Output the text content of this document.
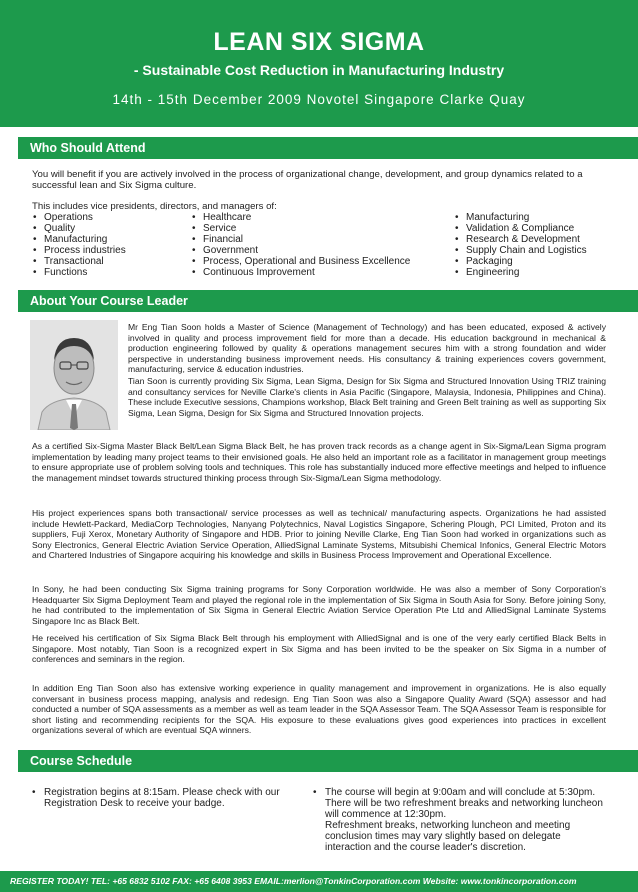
LEAN SIX SIGMA
- Sustainable Cost Reduction in Manufacturing Industry
14th - 15th December 2009 Novotel Singapore Clarke Quay
Who Should Attend
You will benefit if you are actively involved in the process of organizational change, development, and group dynamics related to a successful lean and Six Sigma culture.
This includes vice presidents, directors, and managers of:
• Operations
• Quality
• Manufacturing
• Process industries
• Transactional
• Functions
• Healthcare
• Service
• Financial
• Government
• Process, Operational and Business Excellence
• Continuous Improvement
• Manufacturing
• Validation & Compliance
• Research & Development
• Supply Chain and Logistics
• Packaging
• Engineering
About Your Course Leader
Mr Eng Tian Soon holds a Master of Science (Management of Technology) and has been educated, exposed & actively involved in quality and process improvement field for more than a decade. His education background in mechanical & production engineering followed by quality & operations management secures him with a strong foundation and wider perspective in understanding business improvement needs. His consultancy & training experiences covers government, manufacturing, service & education industries.
Tian Soon is currently providing Six Sigma, Lean Sigma, Design for Six Sigma and Structured Innovation Using TRIZ training and consultancy services for Neville Clarke's clients in Asia Pacific (Singapore, Malaysia, Indonesia, Philippines and China). These include Executive sessions, Champions workshop, Black Belt training and Green Belt training as well as supporting Six Sigma, Lean Sigma, Design for Six Sigma and Structured Innovation projects.
As a certified Six-Sigma Master Black Belt/Lean Sigma Black Belt, he has proven track records as a change agent in Six-Sigma/Lean Sigma program implementation by leading many project teams to their envisioned goals. He also held an important role as a facilitator in management group meetings to ensure appropriate use of problem solving tools and techniques. This role has substantially induced more effective meetings and helped to influence the management mindset towards structured thinking process through Six-Sigma/Lean Sigma methodology.
His project experiences spans both transactional/ service processes as well as technical/ manufacturing aspects. Organizations he had assisted include Hewlett-Packard, MediaCorp Technologies, Nanyang Polytechnics, Naval Logistics Singapore, Schering Plough, PCI Limited, Proton and its suppliers, Fuji Xerox, Monetary Authority of Singapore and HDB. Prior to joining Neville Clarke, Eng Tian Soon had worked in organizations such as Sony Electronics, General Electric Aviation Service Operation, AlliedSignal Laminate Systems, Mitsubishi Chemical Infonics, General Electric Motors and Chartered Industries of Singapore acquiring his knowledge and skills in Business Process Improvement and Operational Excellence.
In Sony, he had been conducting Six Sigma training programs for Sony Corporation worldwide. He was also a member of Sony Corporation's Headquarter Six Sigma Deployment Team and played the regional role in the implementation of Six Sigma in South Asia for Sony. Before joining Sony, he had contributed to the implementation of Six Sigma in General Electric Aviation Service Operation Pte Ltd and AlliedSignal Laminate Systems Singapore Inc as Black Belt.
He received his certification of Six Sigma Black Belt through his employment with AlliedSignal and is one of the very early certified Black Belts in Singapore. Most notably, Tian Soon is a recognized expert in Six Sigma and has been invited to be the speaker on Six Sigma in a number of conferences and seminars in the region.
In addition Eng Tian Soon also has extensive working experience in quality management and improvement in organizations. He is also equally conversant in business process mapping, analysis and redesign. Eng Tian Soon was also a Singapore Quality Award (SQA) assessor and had conducted a number of SQA assessments as a member as well as team leader in the SQA Assessor Team. The SQA Assessor Team is responsible for short listing and recommending recipients for the SQA. His exposure to these evaluations gives good experiences into practices in excellent organizations several of which are eventual SQA winners.
Course Schedule
• Registration begins at 8:15am. Please check with our Registration Desk to receive your badge.
• The course will begin at 9:00am and will conclude at 5:30pm. There will be two refreshment breaks and networking luncheon will commence at 12:30pm.
Refreshment breaks, networking luncheon and meeting conclusion times may vary slightly based on delegate interaction and the course leader's discretion.
REGISTER TODAY! TEL: +65 6832 5102 FAX: +65 6408 3953 EMAIL:merlion@TonkinCorporation.com Website: www.tonkincorporation.com
